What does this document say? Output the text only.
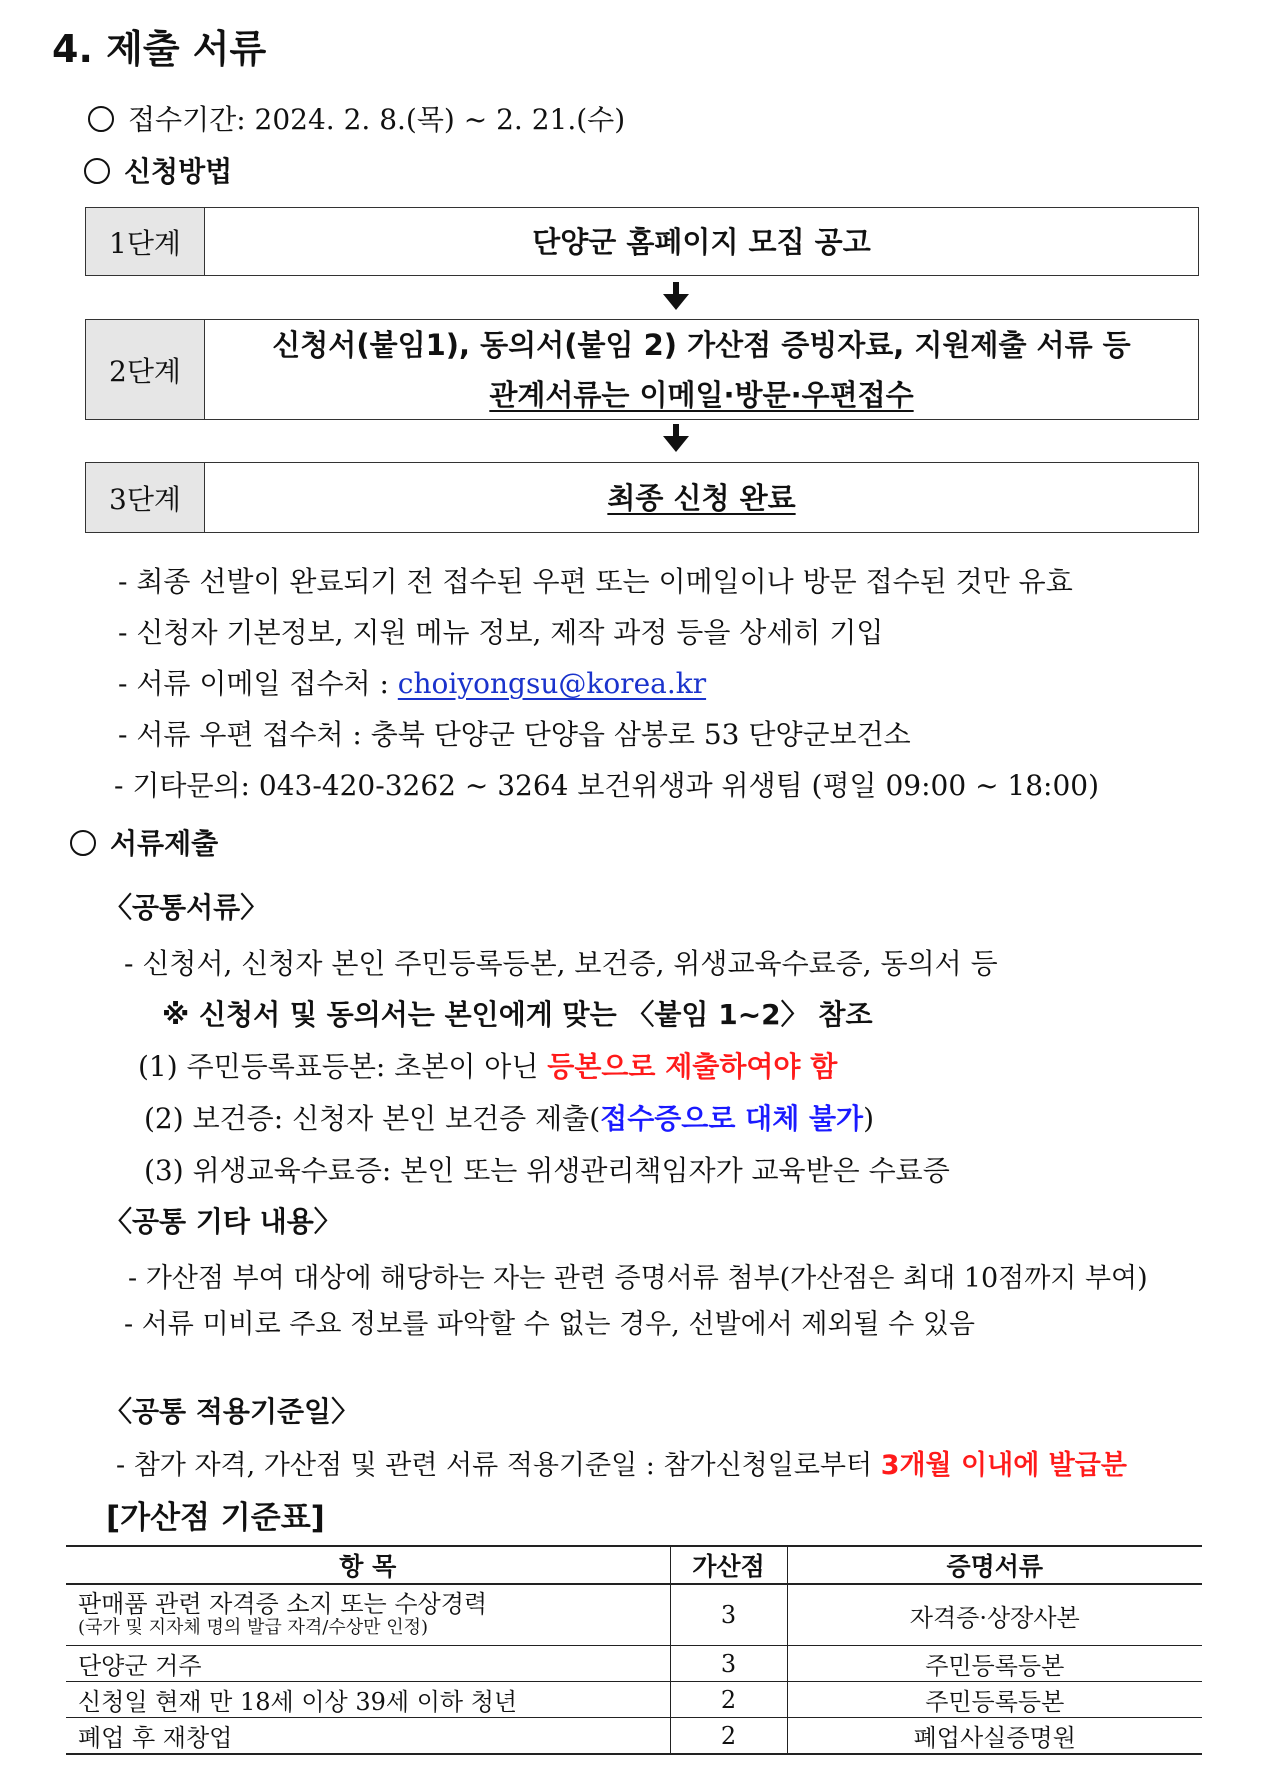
4. 제출 서류
접수기간: 2024. 2. 8.(목) ~ 2. 21.(수)
신청방법
1단계	단양군 홈페이지 모집 공고
2단계
신청서(붙임1), 동의서(붙임 2) 가산점 증빙자료, 지원제출 서류 등
관계서류는 이메일·방문·우편접수
3단계	최종 신청 완료
- 최종 선발이 완료되기 전 접수된 우편 또는 이메일이나 방문 접수된 것만 유효
- 신청자 기본정보, 지원 메뉴 정보, 제작 과정 등을 상세히 기입
- 서류 이메일 접수처 : choiyongsu@korea.kr
- 서류 우편 접수처 : 충북 단양군 단양읍 삼봉로 53 단양군보건소
- 기타문의: 043-420-3262 ~ 3264 보건위생과 위생팀 (평일 09:00 ~ 18:00)
서류제출
〈공통서류〉
- 신청서, 신청자 본인 주민등록등본, 보건증, 위생교육수료증, 동의서 등
※ 신청서 및 동의서는 본인에게 맞는 〈붙임 1~2〉 참조
(1) 주민등록표등본: 초본이 아닌 등본으로 제출하여야 함
(2) 보건증: 신청자 본인 보건증 제출(접수증으로 대체 불가)
(3) 위생교육수료증: 본인 또는 위생관리책임자가 교육받은 수료증
〈공통 기타 내용〉
- 가산점 부여 대상에 해당하는 자는 관련 증명서류 첨부(가산점은 최대 10점까지 부여)
- 서류 미비로 주요 정보를 파악할 수 없는 경우, 선발에서 제외될 수 있음
〈공통 적용기준일〉
- 참가 자격, 가산점 및 관련 서류 적용기준일 : 참가신청일로부터 3개월 이내에 발급분
[가산점 기준표]
항 목	가산점	증명서류
판매품 관련 자격증 소지 또는 수상경력
(국가 및 지자체 명의 발급 자격/수상만 인정)	3	자격증·상장사본
단양군 거주	3	주민등록등본
신청일 현재 만 18세 이상 39세 이하 청년	2	주민등록등본
폐업 후 재창업	2	폐업사실증명원
